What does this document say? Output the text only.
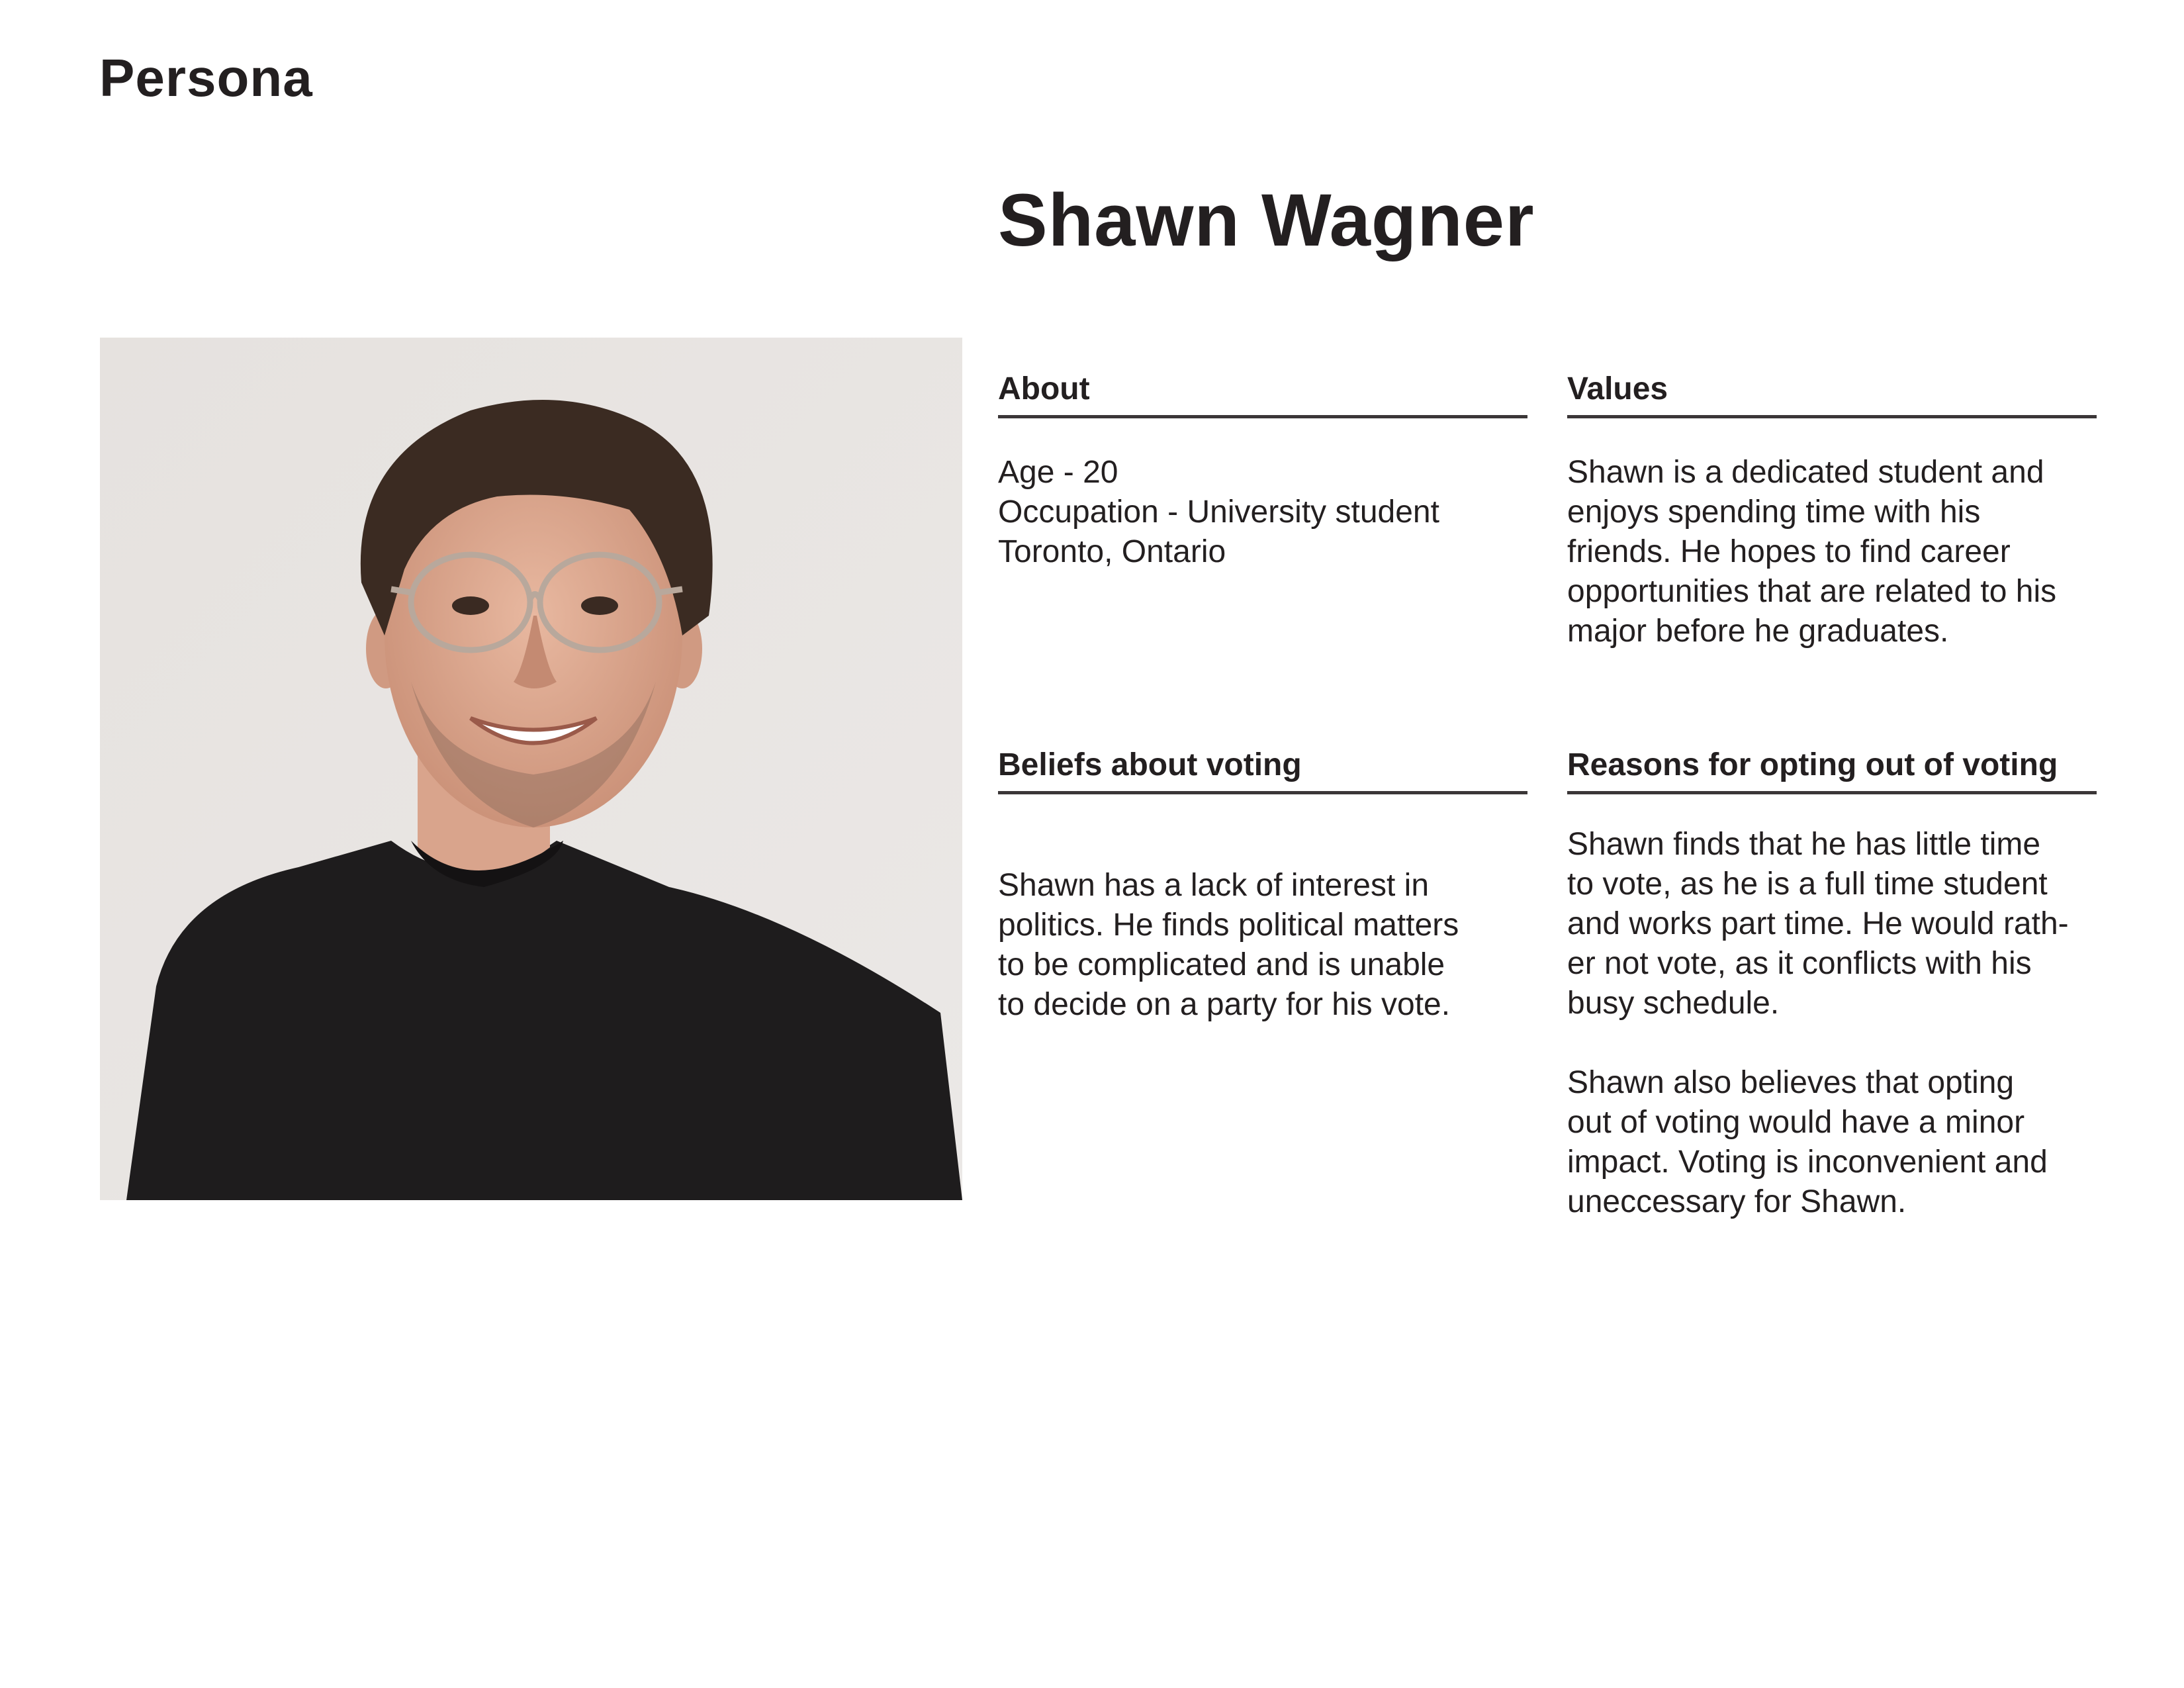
Persona
Shawn Wagner
About

Age - 20

Occupation - University student

Toronto, Ontario

Values

Shawn is a dedicated student and

enjoys spending time with his

friends. He hopes to find career

opportunities that are related to his

major before he graduates.

Beliefs about voting

Shawn has a lack of interest in

politics. He finds political matters

to be complicated and is unable

to decide on a party for his vote.

Reasons for opting out of voting

Shawn finds that he has little time

to vote, as he is a full time student

and works part time. He would rath-

er not vote, as it conflicts with his

busy schedule.

Shawn also believes that opting

out of voting would have a minor

impact. Voting is inconvenient and

uneccessary for Shawn.
